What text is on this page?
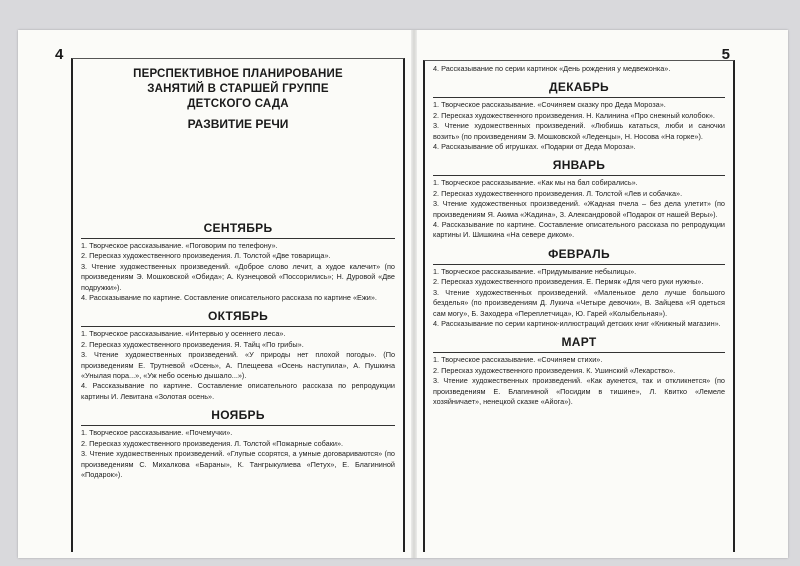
4
ПЕРСПЕКТИВНОЕ ПЛАНИРОВАНИЕ
ЗАНЯТИЙ В СТАРШЕЙ ГРУППЕ
ДЕТСКОГО САДА
РАЗВИТИЕ РЕЧИ
СЕНТЯБРЬ
1. Творческое рассказывание. «Поговорим по телефону».
2. Пересказ художественного произведения. Л. Толстой «Две товарища».
3. Чтение художественных произведений. «Доброе слово лечит, а худое калечит» (по произведениям Э. Мошковской «Обида»; А. Кузнецовой «Поссорились»; Н. Дуровой «Две подружки»).
4. Рассказывание по картине. Составление описательного рассказа по картине «Ежи».
ОКТЯБРЬ
1. Творческое рассказывание. «Интервью у осеннего леса».
2. Пересказ художественного произведения. Я. Тайц «По грибы».
3. Чтение художественных произведений. «У природы нет плохой погоды». (По произведениям Е. Трутневой «Осень», А. Плещеева «Осень наступила», А. Пушкина «Унылая пора...», «Уж небо осенью дышало...»).
4. Рассказывание по картине. Составление описательного рассказа по репродукции картины И. Левитана «Золотая осень».
НОЯБРЬ
1. Творческое рассказывание. «Почемучки».
2. Пересказ художественного произведения. Л. Толстой «Пожарные собаки».
3. Чтение художественных произведений. «Глупые ссорятся, а умные договариваются» (по произведениям С. Михалкова «Бараны», К. Тангрыкулиева «Петух», Е. Благининой «Подарок»).
5
4. Рассказывание по серии картинок «День рождения у медвежонка».
ДЕКАБРЬ
1. Творческое рассказывание. «Сочиняем сказку про Деда Мороза».
2. Пересказ художественного произведения. Н. Калинина «Про снежный колобок».
3. Чтение художественных произведений. «Любишь кататься, люби и саночки возить» (по произведениям Э. Мошковской «Леденцы», Н. Носова «На горке»).
4. Рассказывание об игрушках. «Подарки от Деда Мороза».
ЯНВАРЬ
1. Творческое рассказывание. «Как мы на бал собирались».
2. Пересказ художественного произведения. Л. Толстой «Лев и собачка».
3. Чтение художественных произведений. «Жадная пчела – без дела улетит» (по произведениям Я. Акима «Жадина», З. Александровой «Подарок от нашей Веры»).
4. Рассказывание по картине. Составление описательного рассказа по репродукции картины И. Шишкина «На севере диком».
ФЕВРАЛЬ
1. Творческое рассказывание. «Придумывание небылицы».
2. Пересказ художественного произведения. Е. Пермяк «Для чего руки нужны».
3. Чтение художественных произведений. «Маленькое дело лучше большого безделья» (по произведениям Д. Лукича «Четыре девочки», В. Зайцева «Я одеться сам могу», Б. Заходера «Переплетчица», Ю. Гарей «Колыбельная»).
4. Рассказывание по серии картинок-иллюстраций детских книг «Книжный магазин».
МАРТ
1. Творческое рассказывание. «Сочиняем стихи».
2. Пересказ художественного произведения. К. Ушинский «Лекарство».
3. Чтение художественных произведений. «Как аукнется, так и откликнется» (по произведениям Е. Благининой «Посидим в тишине», Л. Квитко «Лемеле хозяйничает», ненецкой сказке «Айога»).
